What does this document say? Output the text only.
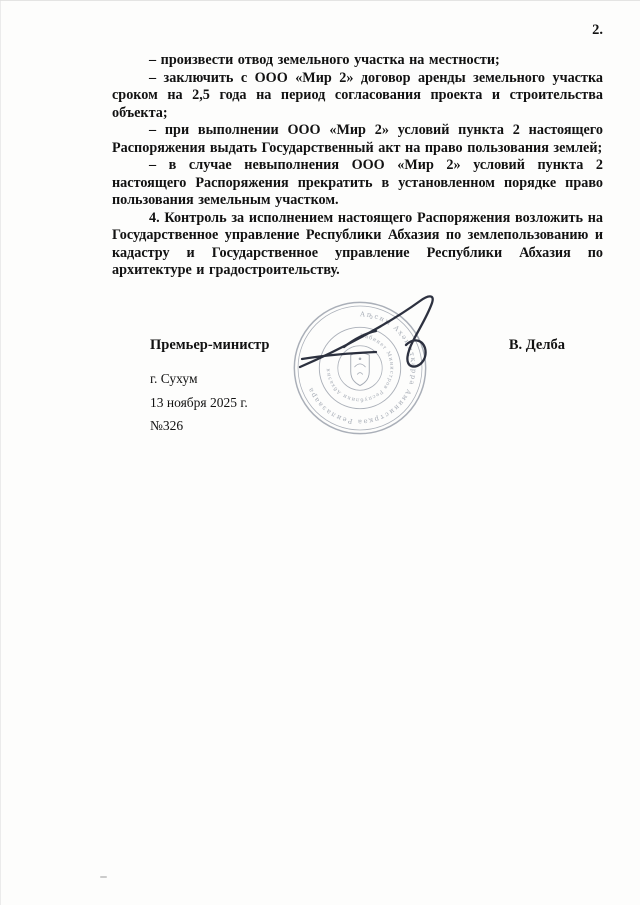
2.

– произвести отвод земельного участка на местности;

– заключить с ООО «Мир 2» договор аренды земельного участка сроком на 2,5 года на период согласования проекта и строительства объекта;

– при выполнении ООО «Мир 2» условий пункта 2 настоящего Распоряжения выдать Государственный акт на право пользования землей;

– в случае невыполнения ООО «Мир 2» условий пункта 2 настоящего Распоряжения прекратить в установленном порядке право пользования земельным участком.

4. Контроль за исполнением настоящего Распоряжения возложить на Государственное управление Республики Абхазия по землепользованию и кадастру и Государственное управление Республики Абхазия по архитектуре и градостроительству.

Премьер-министр	В. Делба
г. Сухум
13 ноября 2025 г.
№326
Аҧсны Аҳәынҭқарра Аминистрқәа Реилазаара
Кабинет Министров Республики Абхазия
